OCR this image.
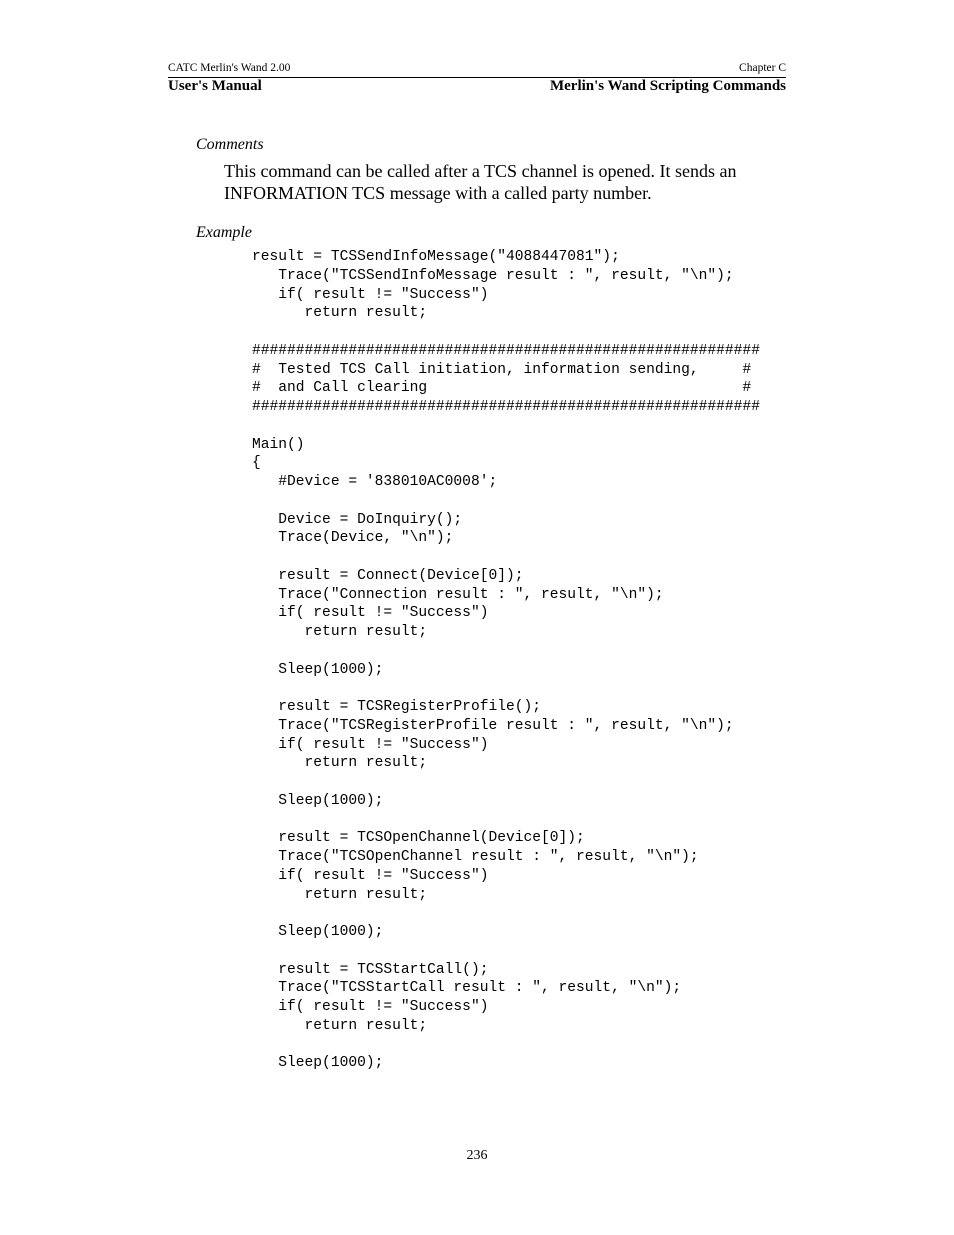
CATC Merlin's Wand 2.00	Chapter C
User's Manual	Merlin's Wand Scripting Commands
Comments
This command can be called after a TCS channel is opened. It sends an
INFORMATION TCS message with a called party number.
Example
result = TCSSendInfoMessage("4088447081");
Trace("TCSSendInfoMessage result : ", result, "\n");
if( result != "Success")
return result;
##########################################################
#  Tested TCS Call initiation, information sending,     #
#  and Call clearing                                    #
##########################################################
Main()
{
#Device = '838010AC0008';
Device = DoInquiry();
Trace(Device, "\n");
result = Connect(Device[0]);
Trace("Connection result : ", result, "\n");
if( result != "Success")
return result;
Sleep(1000);
result = TCSRegisterProfile();
Trace("TCSRegisterProfile result : ", result, "\n");
if( result != "Success")
return result;
Sleep(1000);
result = TCSOpenChannel(Device[0]);
Trace("TCSOpenChannel result : ", result, "\n");
if( result != "Success")
return result;
Sleep(1000);
result = TCSStartCall();
Trace("TCSStartCall result : ", result, "\n");
if( result != "Success")
return result;
Sleep(1000);
236
